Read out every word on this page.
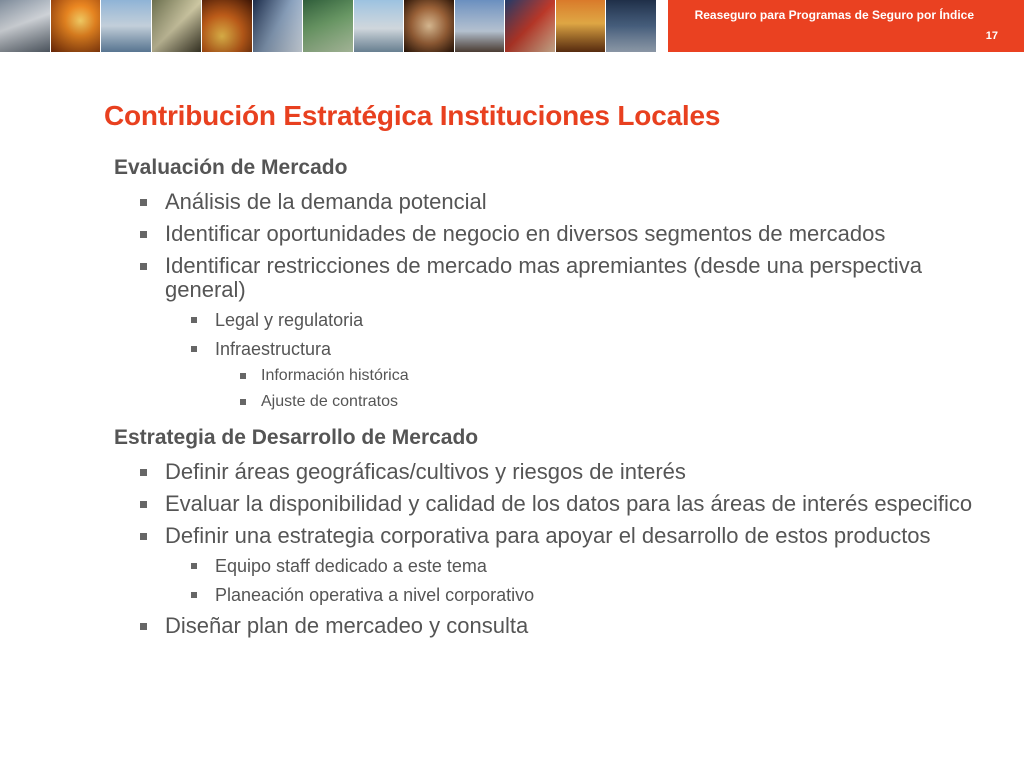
Reaseguro para Programas de Seguro por Índice
17
Contribución Estratégica Instituciones Locales

Evaluación de Mercado

Análisis de la demanda potencial
Identificar oportunidades de negocio en diversos segmentos de mercados
Identificar restricciones de mercado mas apremiantes (desde una perspectiva general)
Legal y regulatoria
Infraestructura
Información histórica
Ajuste de contratos

Estrategia de Desarrollo de Mercado

Definir áreas geográficas/cultivos y riesgos de interés
Evaluar la disponibilidad y calidad de los datos para las áreas de interés especifico
Definir una estrategia corporativa para apoyar el desarrollo de estos productos
Equipo staff dedicado a este tema
Planeación operativa a nivel corporativo
Diseñar plan de mercadeo y consulta
